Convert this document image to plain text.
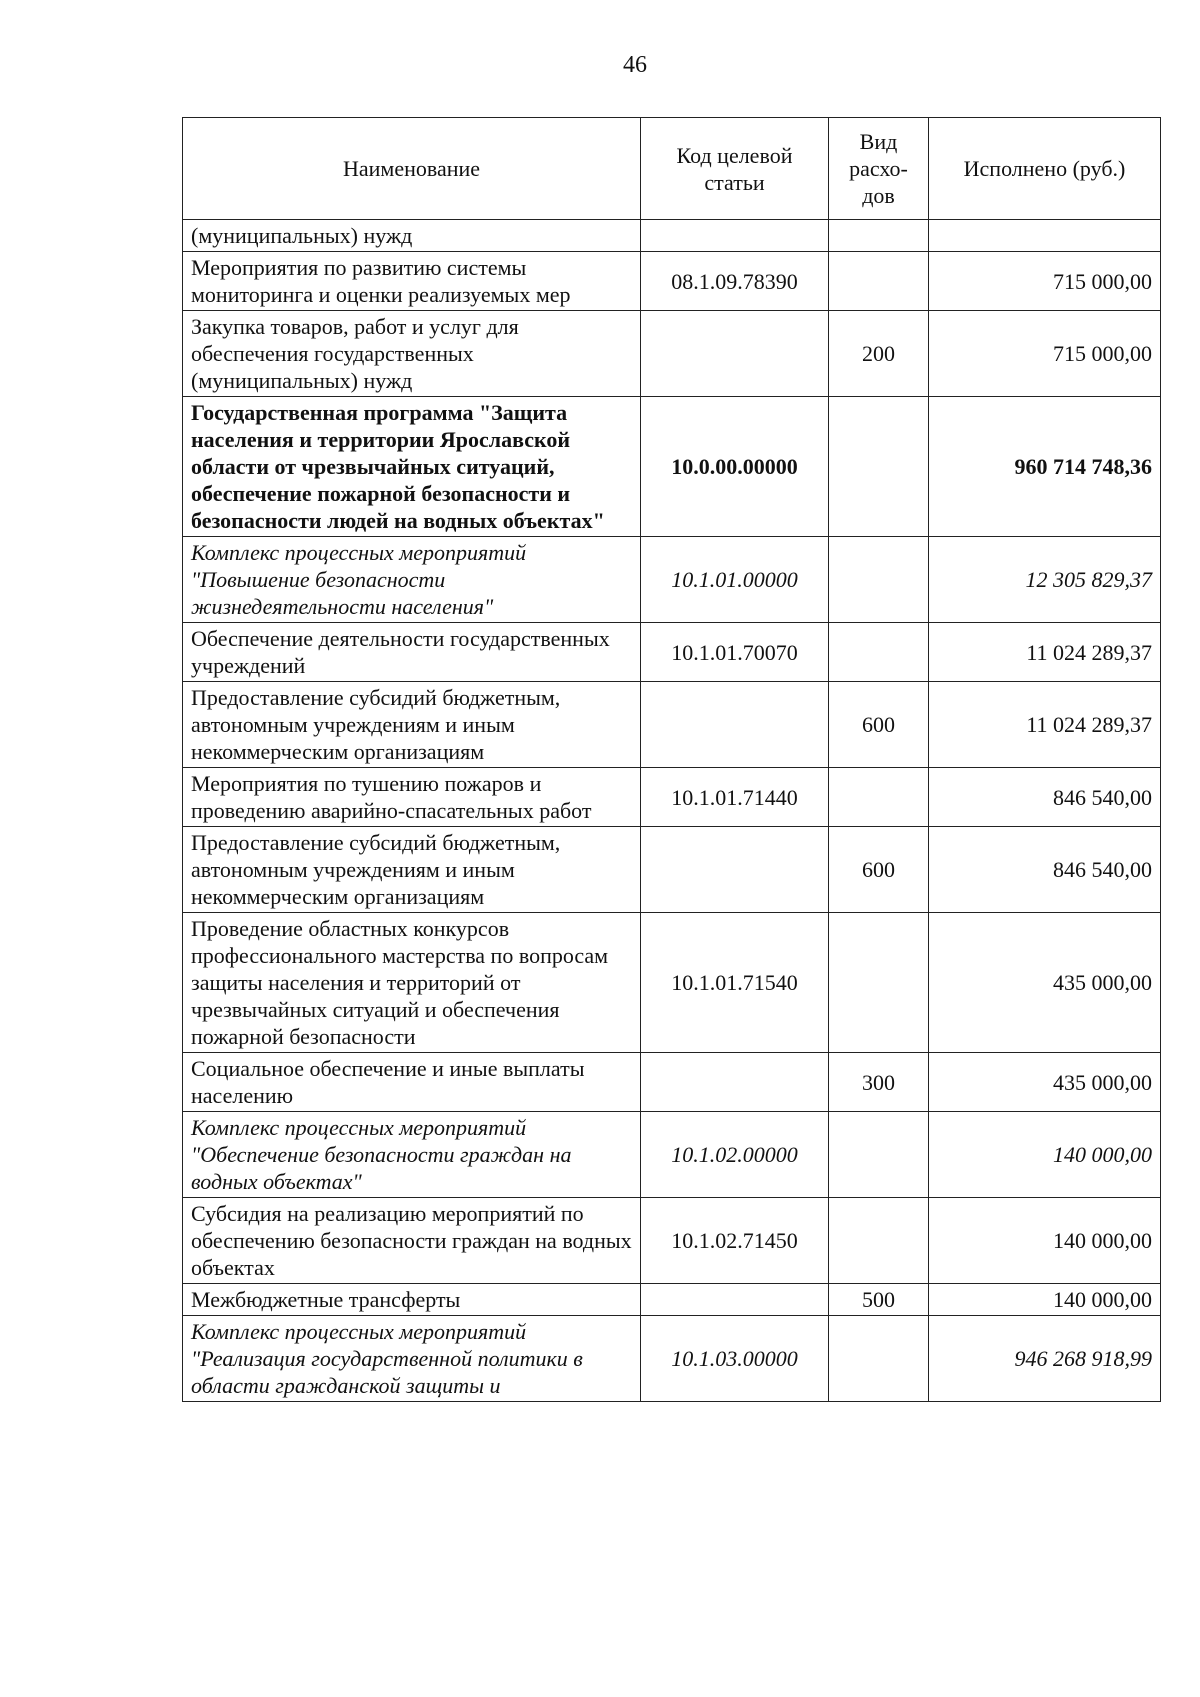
46
Наименование	Код целевой статьи	Вид расхо-дов	Исполнено (руб.)
(муниципальных) нужд			
Мероприятия по развитию системы мониторинга и оценки реализуемых мер	08.1.09.78390		715 000,00
Закупка товаров, работ и услуг для обеспечения государственных (муниципальных) нужд		200	715 000,00
Государственная программа "Защита населения и территории Ярославской области от чрезвычайных ситуаций, обеспечение пожарной безопасности и безопасности людей на водных объектах"	10.0.00.00000		960 714 748,36
Комплекс процессных мероприятий "Повышение безопасности жизнедеятельности населения"	10.1.01.00000		12 305 829,37
Обеспечение деятельности государственных учреждений	10.1.01.70070		11 024 289,37
Предоставление субсидий бюджетным, автономным учреждениям и иным некоммерческим организациям		600	11 024 289,37
Мероприятия по тушению пожаров и проведению аварийно-спасательных работ	10.1.01.71440		846 540,00
Предоставление субсидий бюджетным, автономным учреждениям и иным некоммерческим организациям		600	846 540,00
Проведение областных конкурсов профессионального мастерства по вопросам защиты населения и территорий от чрезвычайных ситуаций и обеспечения пожарной безопасности	10.1.01.71540		435 000,00
Социальное обеспечение и иные выплаты населению		300	435 000,00
Комплекс процессных мероприятий "Обеспечение безопасности граждан на водных объектах"	10.1.02.00000		140 000,00
Субсидия на реализацию мероприятий по обеспечению безопасности граждан на водных объектах	10.1.02.71450		140 000,00
Межбюджетные трансферты		500	140 000,00
Комплекс процессных мероприятий "Реализация государственной политики в области гражданской защиты и	10.1.03.00000		946 268 918,99
